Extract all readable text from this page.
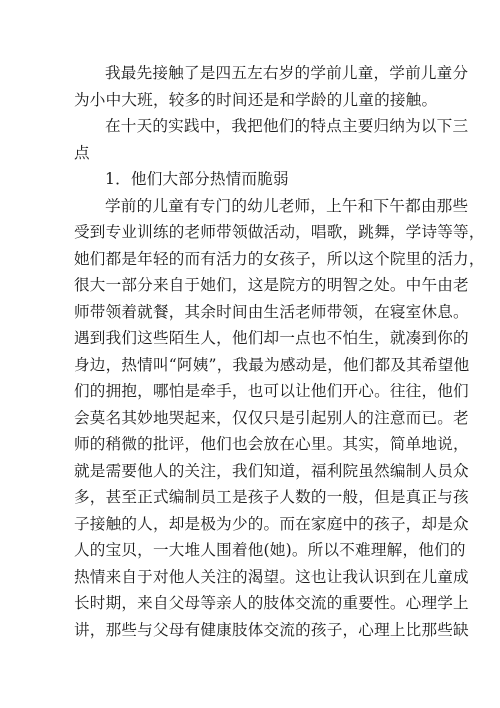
我最先接触了是四五左右岁的学前儿童，学前儿童分
为小中大班，较多的时间还是和学龄的儿童的接触。
在十天的实践中，我把他们的特点主要归纳为以下三
点
1．他们大部分热情而脆弱
学前的儿童有专门的幼儿老师，上午和下午都由那些
受到专业训练的老师带领做活动，唱歌，跳舞，学诗等等，
她们都是年轻的而有活力的女孩子，所以这个院里的活力，
很大一部分来自于她们，这是院方的明智之处。中午由老
师带领着就餐，其余时间由生活老师带领，在寝室休息。
遇到我们这些陌生人，他们却一点也不怕生，就凑到你的
身边，热情叫“阿姨”，我最为感动是，他们都及其希望他
们的拥抱，哪怕是牵手，也可以让他们开心。往往，他们
会莫名其妙地哭起来，仅仅只是引起别人的注意而已。老
师的稍微的批评，他们也会放在心里。其实，简单地说，
就是需要他人的关注，我们知道，福利院虽然编制人员众
多，甚至正式编制员工是孩子人数的一般，但是真正与孩
子接触的人，却是极为少的。而在家庭中的孩子，却是众
人的宝贝，一大堆人围着他(她)。所以不难理解，他们的
热情来自于对他人关注的渴望。这也让我认识到在儿童成
长时期，来自父母等亲人的肢体交流的重要性。心理学上
讲，那些与父母有健康肢体交流的孩子，心理上比那些缺
